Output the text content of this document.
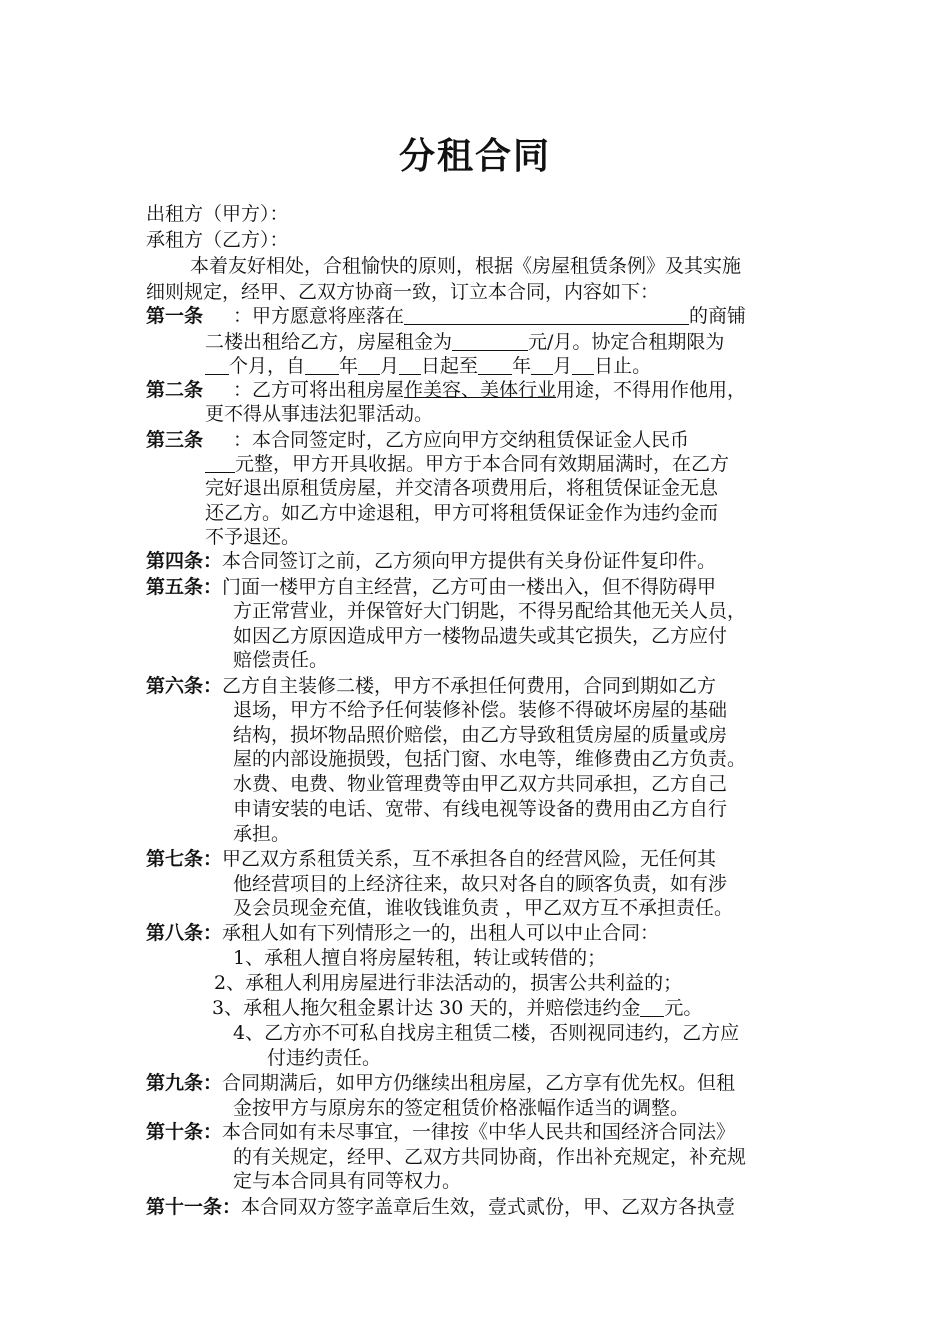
分租合同
出租方（甲方）：
承租方（乙方）：
本着友好相处，合租愉快的原则，根据《房屋租赁条例》及其实施
细则规定，经甲、乙双方协商一致，订立本合同，内容如下：
第一条 ：甲方愿意将座落在	的商铺
二楼出租给乙方，房屋租金为	元/月。协定合租期限为
个月，自 年 月 日起至 年 月 日止。
第二条 ：乙方可将出租房屋作美容、美体行业用途，不得用作他用，
更不得从事违法犯罪活动。
第三条 ：本合同签定时，乙方应向甲方交纳租赁保证金人民币
元整，甲方开具收据。甲方于本合同有效期届满时，在乙方
完好退出原租赁房屋，并交清各项费用后，将租赁保证金无息
还乙方。如乙方中途退租，甲方可将租赁保证金作为违约金而
不予退还。
第四条：本合同签订之前，乙方须向甲方提供有关身份证件复印件。
第五条：门面一楼甲方自主经营，乙方可由一楼出入，但不得防碍甲
方正常营业，并保管好大门钥匙，不得另配给其他无关人员，
如因乙方原因造成甲方一楼物品遗失或其它损失，乙方应付
赔偿责任。
第六条：乙方自主装修二楼，甲方不承担任何费用，合同到期如乙方
退场，甲方不给予任何装修补偿。装修不得破坏房屋的基础
结构，损坏物品照价赔偿，由乙方导致租赁房屋的质量或房
屋的内部设施损毁，包括门窗、水电等，维修费由乙方负责。
水费、电费、物业管理费等由甲乙双方共同承担，乙方自己
申请安装的电话、宽带、有线电视等设备的费用由乙方自行
承担。
第七条：甲乙双方系租赁关系，互不承担各自的经营风险，无任何其
他经营项目的上经济往来，故只对各自的顾客负责，如有涉
及会员现金充值，谁收钱谁负责 ，甲乙双方互不承担责任。
第八条：承租人如有下列情形之一的，出租人可以中止合同：
1、承租人擅自将房屋转租，转让或转借的；
2、承租人利用房屋进行非法活动的，损害公共利益的；
3、承租人拖欠租金累计达 30 天的，并赔偿违约金 元。
4、乙方亦不可私自找房主租赁二楼，否则视同违约，乙方应
付违约责任。
第九条：合同期满后，如甲方仍继续出租房屋，乙方享有优先权。但租
金按甲方与原房东的签定租赁价格涨幅作适当的调整。
第十条：本合同如有未尽事宜，一律按《中华人民共和国经济合同法》
的有关规定，经甲、乙双方共同协商，作出补充规定，补充规
定与本合同具有同等权力。
第十一条：本合同双方签字盖章后生效，壹式贰份，甲、乙双方各执壹
